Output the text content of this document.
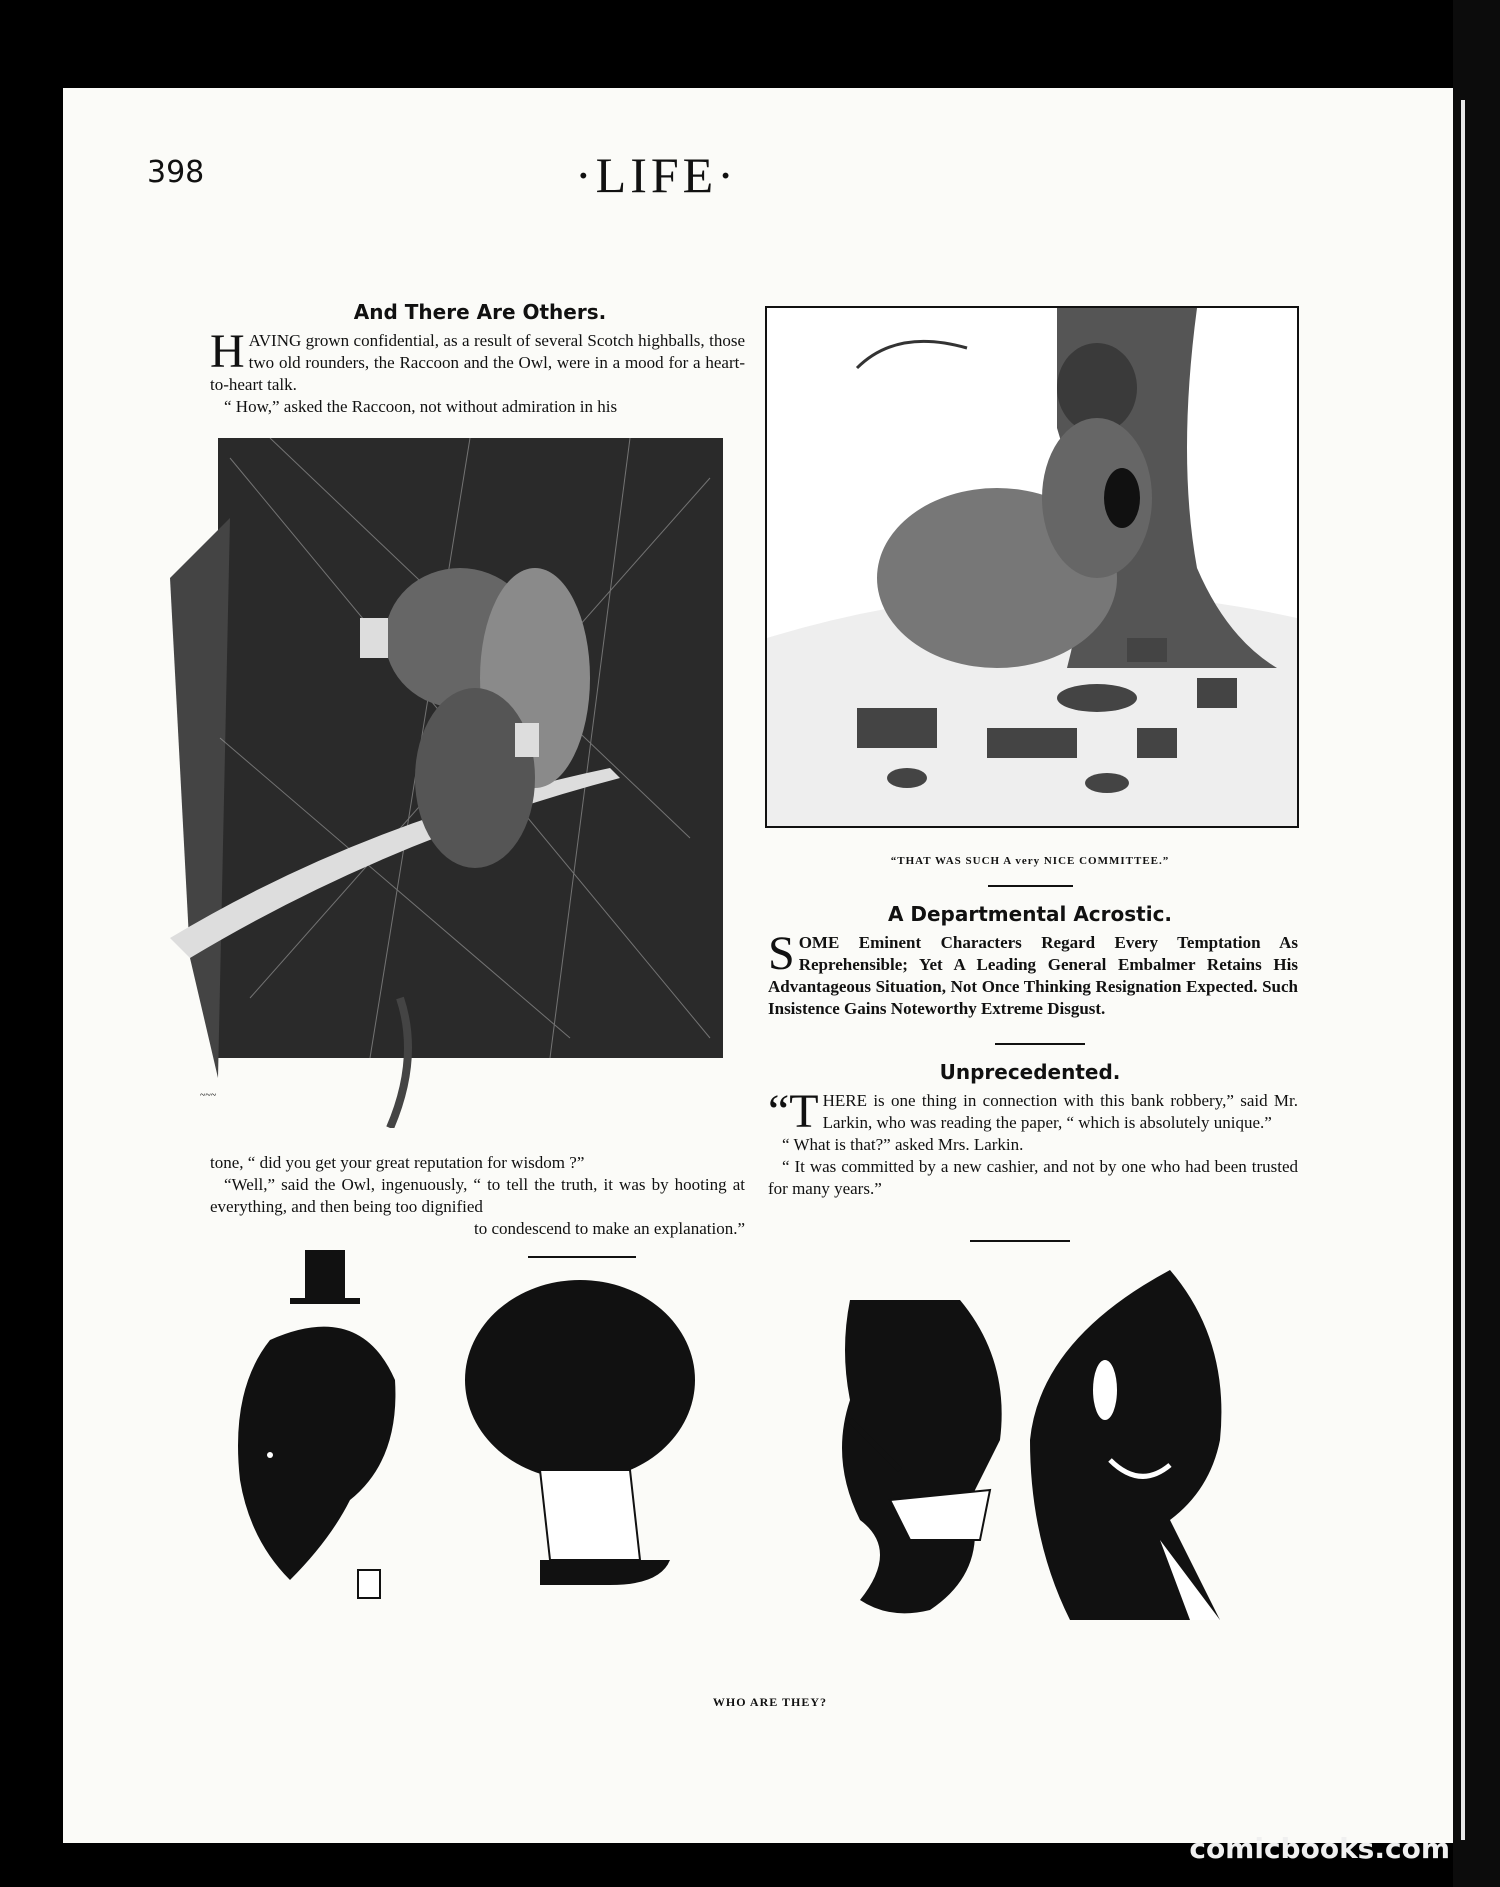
398	·LIFE·
And There Are Others.
H AVING grown confidential, as a result of several Scotch highballs, those two old rounders, the Raccoon and the Owl, were in a mood for a heart-to-heart talk.

“ How,” asked the Raccoon, not without admiration in his

~~~

tone, “ did you get your great reputation for wisdom ?”

“Well,” said the Owl, ingenuously, “ to tell the truth, it was by hooting at everything, and then being too dignified

to condescend to make an explanation.”

“THAT WAS SUCH A very NICE COMMITTEE.”
A Departmental Acrostic.
S OME Eminent Characters Regard Every Temptation As Reprehensible; Yet A Leading General Embalmer Retains His Advantageous Situation, Not Once Thinking Resignation Expected. Such Insistence Gains Noteworthy Extreme Disgust.

Unprecedented.
“T HERE is one thing in connection with this bank robbery,” said Mr. Larkin, who was reading the paper, “ which is absolutely unique.”

“ What is that?” asked Mrs. Larkin.

“ It was committed by a new cashier, and not by one who had been trusted for many years.”

WHO ARE THEY?
comicbooks.com
